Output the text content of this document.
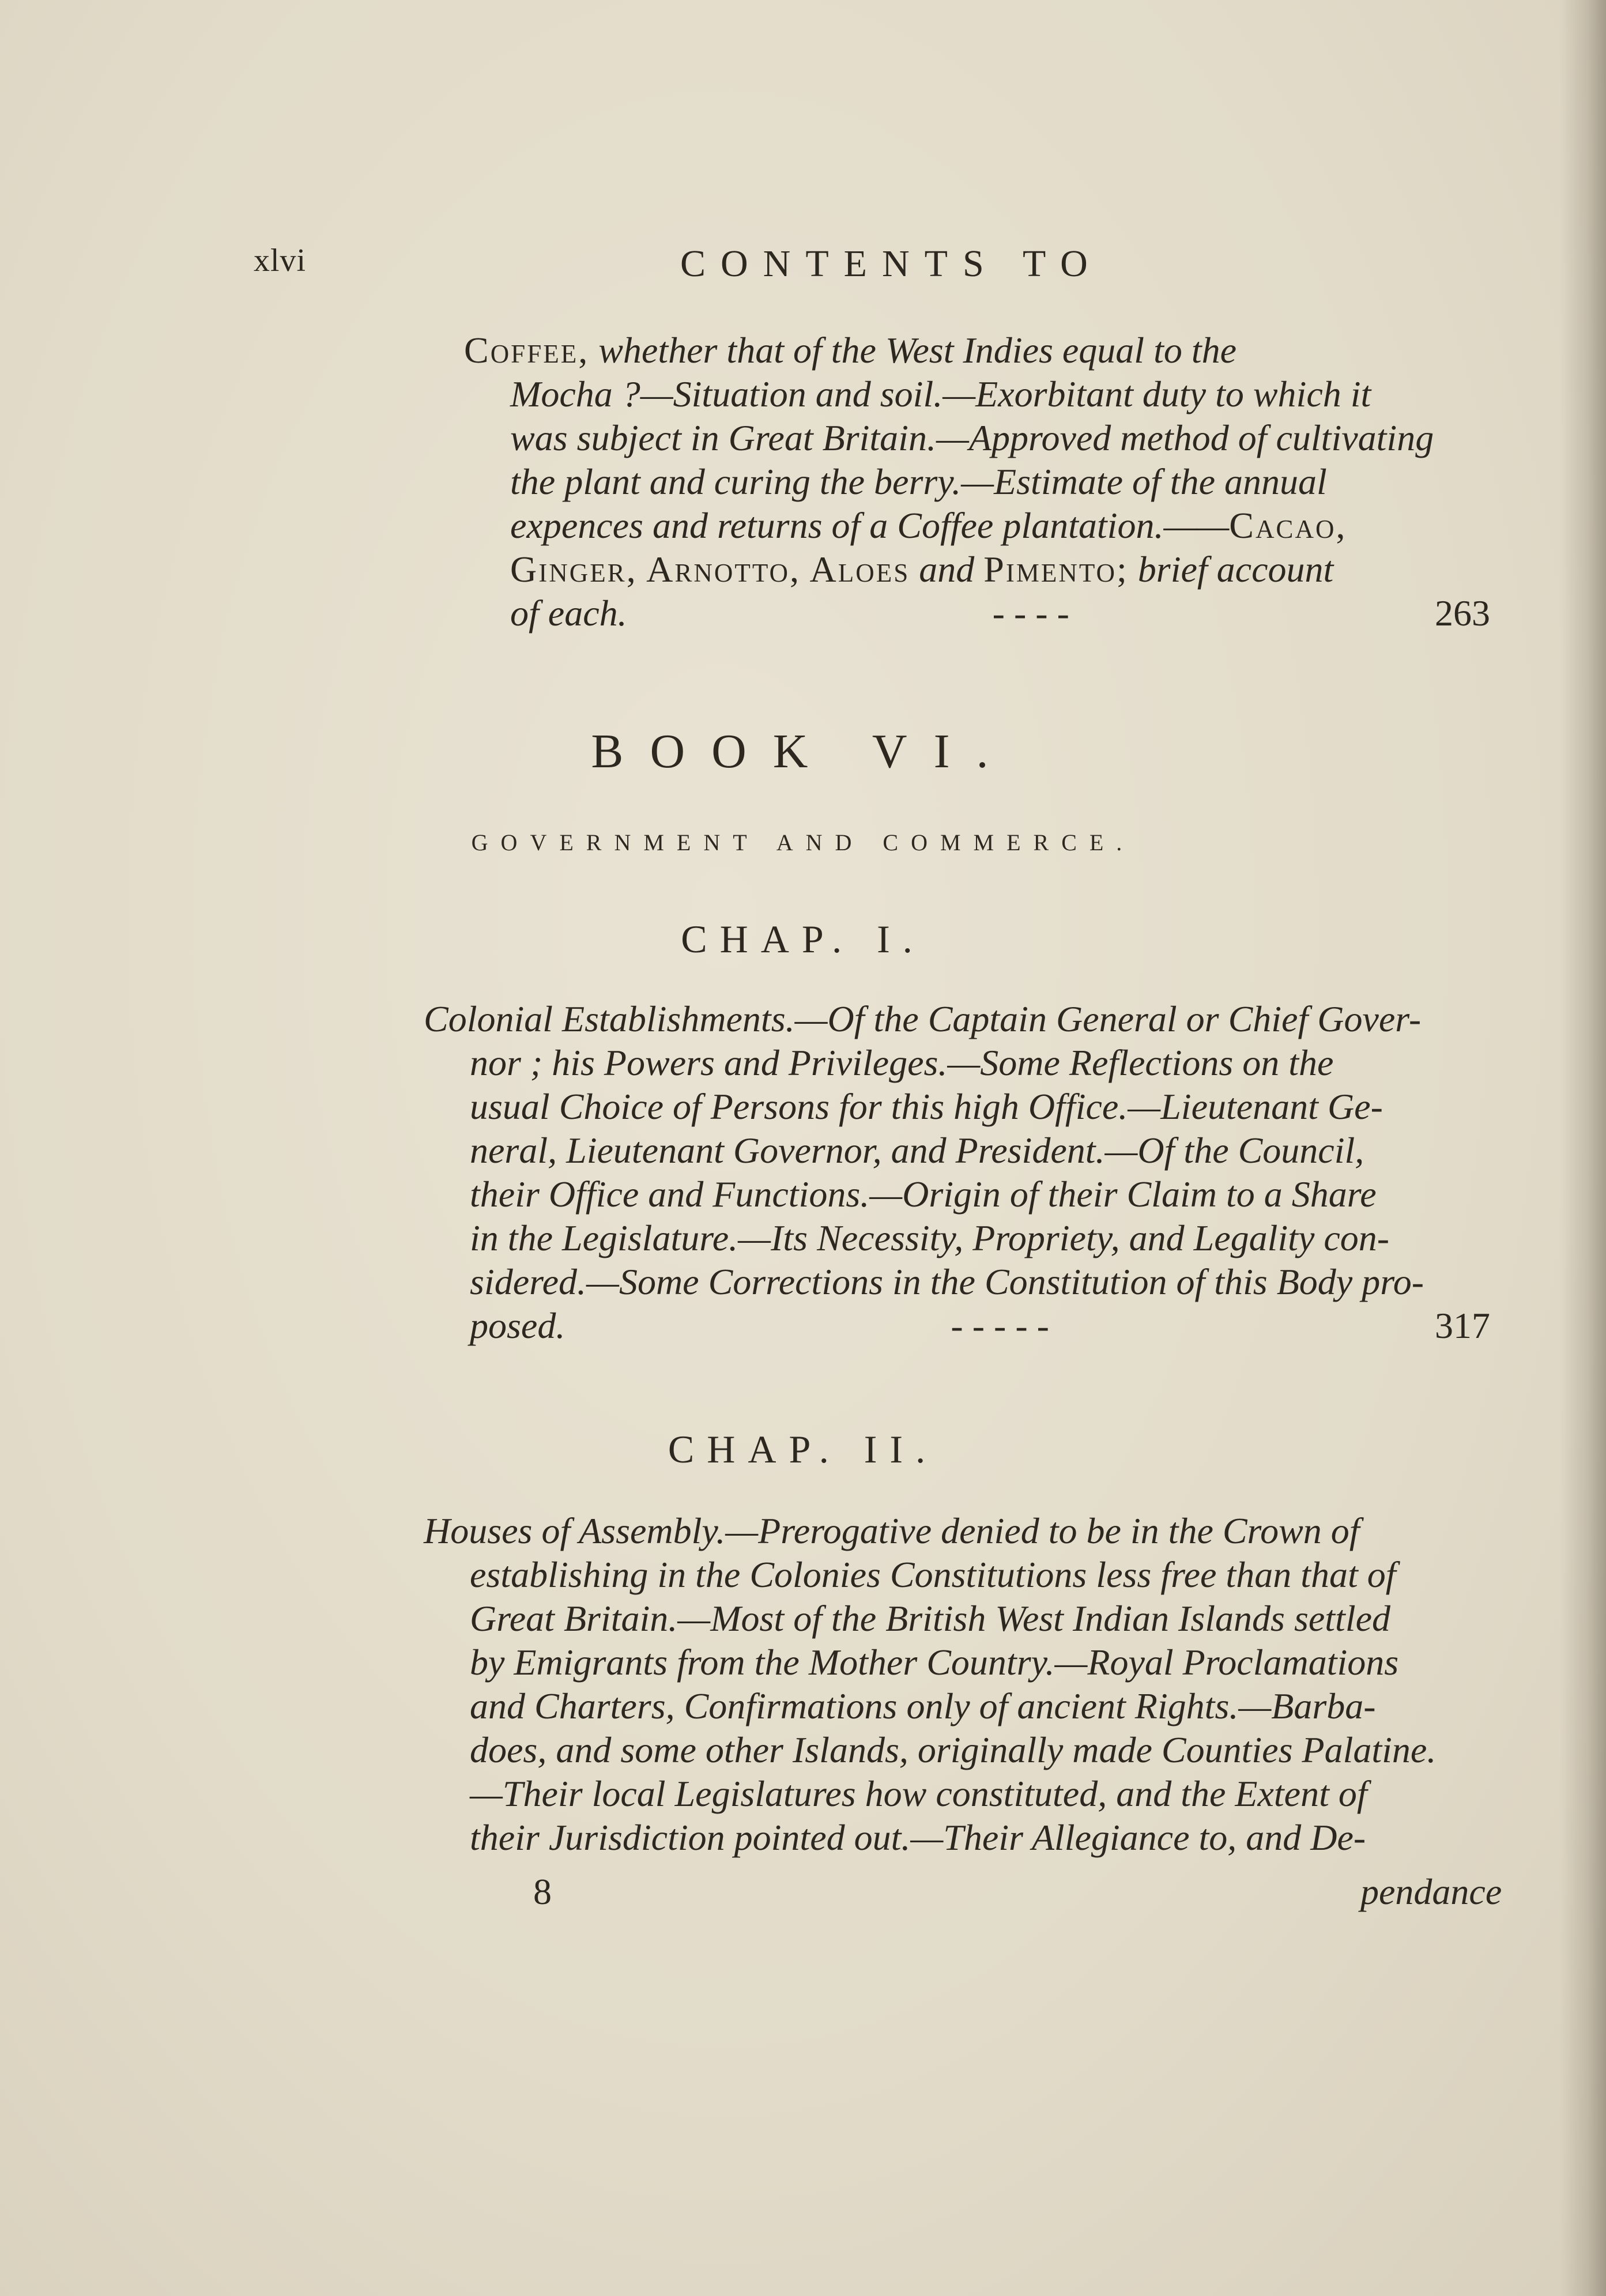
xlvi	CONTENTS TO
Coffee, whether that of the West Indies equal to the
Mocha ?—Situation and soil.—Exorbitant duty to which it
was subject in Great Britain.—Approved method of cultivating
the plant and curing the berry.—Estimate of the annual
expences and returns of a Coffee plantation.——Cacao,
Ginger, Arnotto, Aloes and Pimento; brief account
of each.	- - - -	263
BOOK VI.
GOVERNMENT AND COMMERCE.
CHAP. I.
Colonial Establishments.—Of the Captain General or Chief Gover-
nor ; his Powers and Privileges.—Some Reflections on the
usual Choice of Persons for this high Office.—Lieutenant Ge-
neral, Lieutenant Governor, and President.—Of the Council,
their Office and Functions.—Origin of their Claim to a Share
in the Legislature.—Its Necessity, Propriety, and Legality con-
sidered.—Some Corrections in the Constitution of this Body pro-
posed.	- - - - -	317
CHAP. II.
Houses of Assembly.—Prerogative denied to be in the Crown of
establishing in the Colonies Constitutions less free than that of
Great Britain.—Most of the British West Indian Islands settled
by Emigrants from the Mother Country.—Royal Proclamations
and Charters, Confirmations only of ancient Rights.—Barba-
does, and some other Islands, originally made Counties Palatine.
—Their local Legislatures how constituted, and the Extent of
their Jurisdiction pointed out.—Their Allegiance to, and De-
8	pendance
